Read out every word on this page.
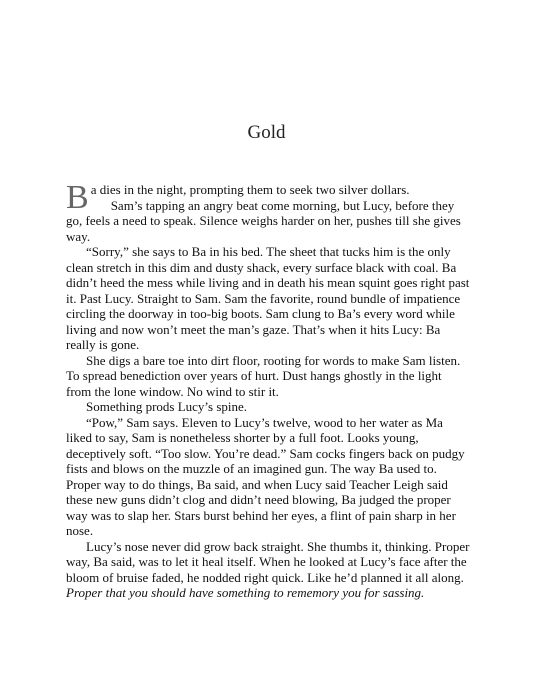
Gold

Ba dies in the night, prompting them to seek two silver dollars.

Sam’s tapping an angry beat come morning, but Lucy, before they go, feels a need to speak. Silence weighs harder on her, pushes till she gives way.

“Sorry,” she says to Ba in his bed. The sheet that tucks him is the only clean stretch in this dim and dusty shack, every surface black with coal. Ba didn’t heed the mess while living and in death his mean squint goes right past it. Past Lucy. Straight to Sam. Sam the favorite, round bundle of impatience circling the doorway in too-big boots. Sam clung to Ba’s every word while living and now won’t meet the man’s gaze. That’s when it hits Lucy: Ba really is gone.

She digs a bare toe into dirt floor, rooting for words to make Sam listen. To spread benediction over years of hurt. Dust hangs ghostly in the light from the lone window. No wind to stir it.

Something prods Lucy’s spine.

“Pow,” Sam says. Eleven to Lucy’s twelve, wood to her water as Ma liked to say, Sam is nonetheless shorter by a full foot. Looks young, deceptively soft. “Too slow. You’re dead.” Sam cocks fingers back on pudgy fists and blows on the muzzle of an imagined gun. The way Ba used to. Proper way to do things, Ba said, and when Lucy said Teacher Leigh said these new guns didn’t clog and didn’t need blowing, Ba judged the proper way was to slap her. Stars burst behind her eyes, a flint of pain sharp in her nose.

Lucy’s nose never did grow back straight. She thumbs it, thinking. Proper way, Ba said, was to let it heal itself. When he looked at Lucy’s face after the bloom of bruise faded, he nodded right quick. Like he’d planned it all along. Proper that you should have something to rememory you for sassing.
